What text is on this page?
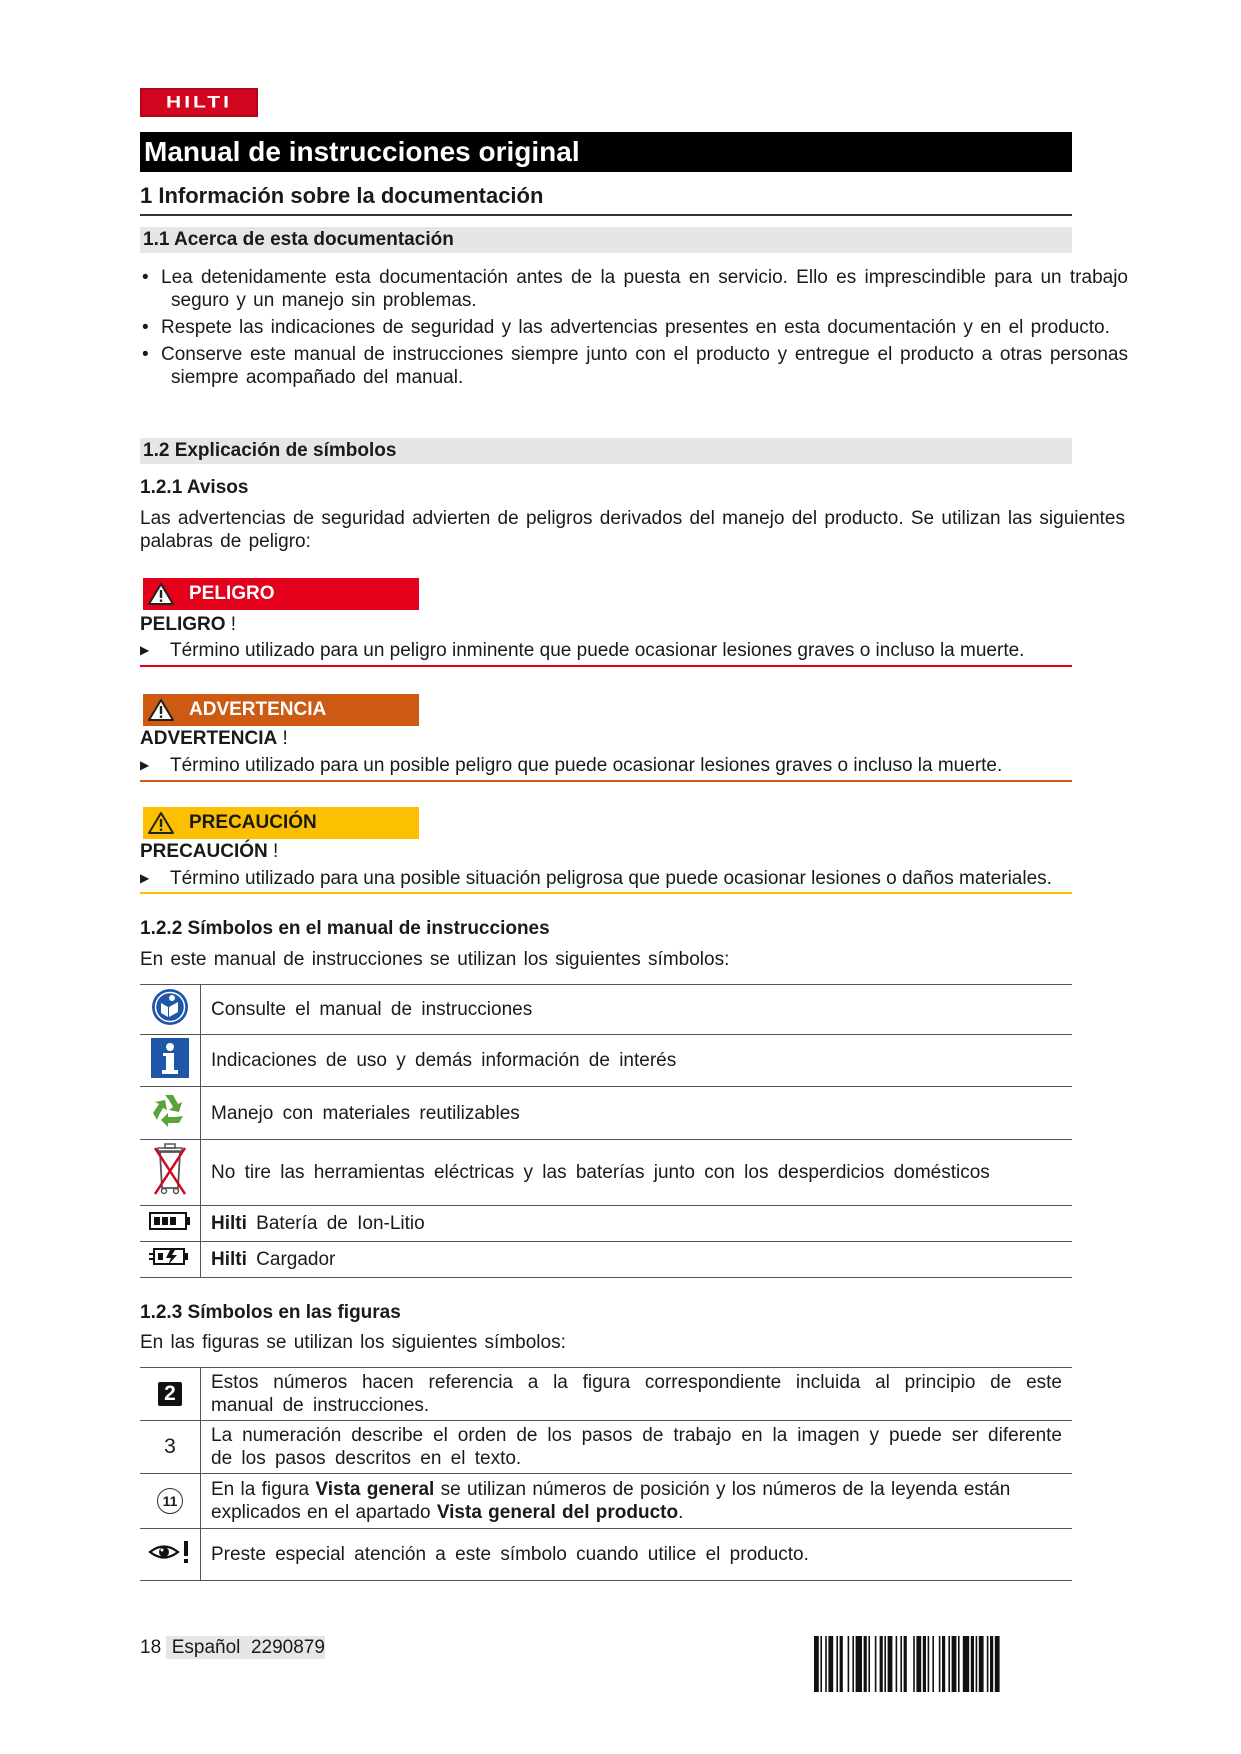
HILTI
Manual de instrucciones original
1 Información sobre la documentación
1.1 Acerca de esta documentación
• Lea detenidamente esta documentación antes de la puesta en servicio. Ello es imprescindible para un trabajo seguro y un manejo sin problemas.
• Respete las indicaciones de seguridad y las advertencias presentes en esta documentación y en el producto.
• Conserve este manual de instrucciones siempre junto con el producto y entregue el producto a otras personas siempre acompañado del manual.
1.2 Explicación de símbolos
1.2.1 Avisos
Las advertencias de seguridad advierten de peligros derivados del manejo del producto. Se utilizan las siguientes palabras de peligro:
PELIGRO
PELIGRO !
▶ Término utilizado para un peligro inminente que puede ocasionar lesiones graves o incluso la muerte.
ADVERTENCIA
ADVERTENCIA !
▶ Término utilizado para un posible peligro que puede ocasionar lesiones graves o incluso la muerte.
PRECAUCIÓN
PRECAUCIÓN !
▶ Término utilizado para una posible situación peligrosa que puede ocasionar lesiones o daños materiales.
1.2.2 Símbolos en el manual de instrucciones
En este manual de instrucciones se utilizan los siguientes símbolos:
	Consulte el manual de instrucciones
	Indicaciones de uso y demás información de interés
	Manejo con materiales reutilizables
	No tire las herramientas eléctricas y las baterías junto con los desperdicios domésticos
	Hilti Batería de Ion-Litio
	Hilti Cargador
1.2.3 Símbolos en las figuras
En las figuras se utilizan los siguientes símbolos:
2	Estos números hacen referencia a la figura correspondiente incluida al principio de este manual de instrucciones.
3	La numeración describe el orden de los pasos de trabajo en la imagen y puede ser diferente de los pasos descritos en el texto.
11	En la figura Vista general se utilizan números de posición y los números de la leyenda están explicados en el apartado Vista general del producto.
	Preste especial atención a este símbolo cuando utilice el producto.
18 Español 2290879
